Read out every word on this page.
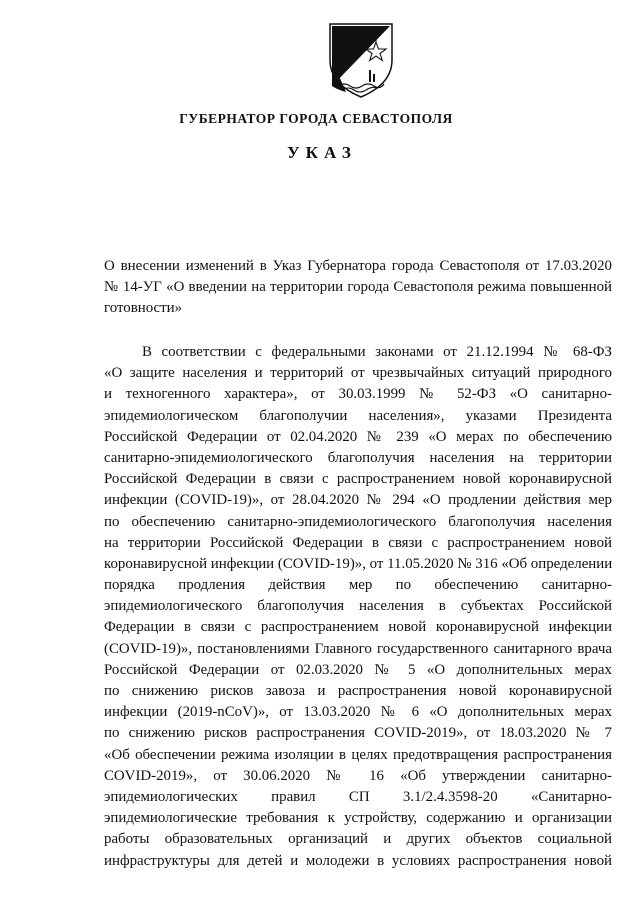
ГУБЕРНАТОР ГОРОДА СЕВАСТОПОЛЯ
УКАЗ
О внесении изменений в Указ Губернатора города Севастополя от 17.03.2020
№ 14-УГ «О введении на территории города Севастополя режима повышенной
готовности»
В соответствии с федеральными законами от 21.12.1994 № 68-ФЗ
«О защите населения и территорий от чрезвычайных ситуаций природного
и техногенного характера», от 30.03.1999 № 52-ФЗ «О санитарно-
эпидемиологическом благополучии населения», указами Президента
Российской Федерации от 02.04.2020 № 239 «О мерах по обеспечению
санитарно-эпидемиологического благополучия населения на территории
Российской Федерации в связи с распространением новой коронавирусной
инфекции (COVID-19)», от 28.04.2020 № 294 «О продлении действия мер
по обеспечению санитарно-эпидемиологического благополучия населения
на территории Российской Федерации в связи с распространением новой
коронавирусной инфекции (COVID-19)», от 11.05.2020 № 316 «Об определении
порядка продления действия мер по обеспечению санитарно-
эпидемиологического благополучия населения в субъектах Российской
Федерации в связи с распространением новой коронавирусной инфекции
(COVID-19)», постановлениями Главного государственного санитарного врача
Российской Федерации от 02.03.2020 № 5 «О дополнительных мерах
по снижению рисков завоза и распространения новой коронавирусной
инфекции (2019-nCoV)», от 13.03.2020 № 6 «О дополнительных мерах
по снижению рисков распространения COVID-2019», от 18.03.2020 № 7
«Об обеспечении режима изоляции в целях предотвращения распространения
COVID-2019», от 30.06.2020 № 16 «Об утверждении санитарно-
эпидемиологических правил СП 3.1/2.4.3598-20 «Санитарно-
эпидемиологические требования к устройству, содержанию и организации
работы образовательных организаций и других объектов социальной
инфраструктуры для детей и молодежи в условиях распространения новой
